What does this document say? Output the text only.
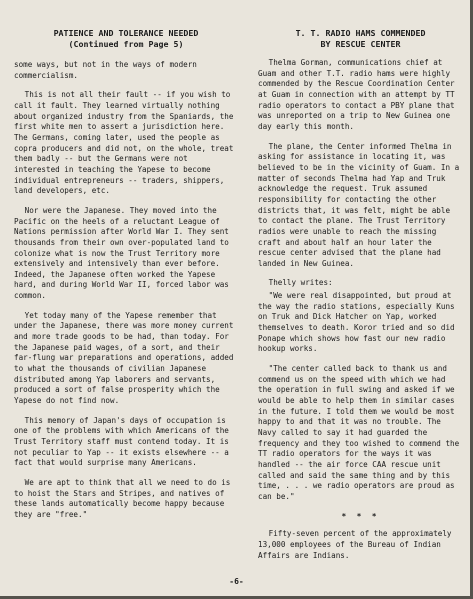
PATIENCE AND TOLERANCE NEEDED
(Continued from Page 5)

some ways, but not in the ways of modern commercialism.

This is not all their fault -- if you wish to call it fault. They learned virtually nothing about organized industry from the Spaniards, the first white men to assert a jurisdiction here. The Germans, coming later, used the people as copra producers and did not, on the whole, treat them badly -- but the Germans were not interested in teaching the Yapese to become individual entrepreneurs -- traders, shippers, land developers, etc.

Nor were the Japanese. They moved into the Pacific on the heels of a reluctant League of Nations permission after World War I. They sent thousands from their own over-populated land to colonize what is now the Trust Territory more extensively and intensively than ever before. Indeed, the Japanese often worked the Yapese hard, and during World War II, forced labor was common.

Yet today many of the Yapese remember that under the Japanese, there was more money current and more trade goods to be had, than today. For the Japanese paid wages, of a sort, and their far-flung war preparations and operations, added to what the thousands of civilian Japanese distributed among Yap laborers and servants, produced a sort of false prosperity which the Yapese do not find now.

This memory of Japan's days of occupation is one of the problems with which Americans of the Trust Territory staff must contend today. It is not peculiar to Yap -- it exists elsewhere -- a fact that would surprise many Americans.

We are apt to think that all we need to do is to hoist the Stars and Stripes, and natives of these lands automatically become happy because they are "free."

T. T. RADIO HAMS COMMENDED
BY RESCUE CENTER

Thelma Gorman, communications chief at Guam and other T.T. radio hams were highly commended by the Rescue Coordination Center at Guam in connection with an attempt by TT radio operators to contact a PBY plane that was unreported on a trip to New Guinea one day early this month.

The plane, the Center informed Thelma in asking for assistance in locating it, was believed to be in the vicinity of Guam. In a matter of seconds Thelma had Yap and Truk acknowledge the request. Truk assumed responsibility for contacting the other districts that, it was felt, might be able to contact the plane. The Trust Territory radios were unable to reach the missing craft and about half an hour later the rescue center advised that the plane had landed in New Guinea.

Thelly writes:

"We were real disappointed, but proud at the way the radio stations, especially Kuns on Truk and Dick Hatcher on Yap, worked themselves to death. Koror tried and so did Ponape which shows how fast our new radio hookup works.

"The center called back to thank us and commend us on the speed with which we had the operation in full swing and asked if we would be able to help them in similar cases in the future. I told them we would be most happy to and that it was no trouble. The Navy called to say it had guarded the frequency and they too wished to commend the TT radio operators for the ways it was handled -- the air force CAA rescue unit called and said the same thing and by this time, . . . we radio operators are proud as can be."

* * *

Fifty-seven percent of the approximately 13,000 employees of the Bureau of Indian Affairs are Indians.

-6-
